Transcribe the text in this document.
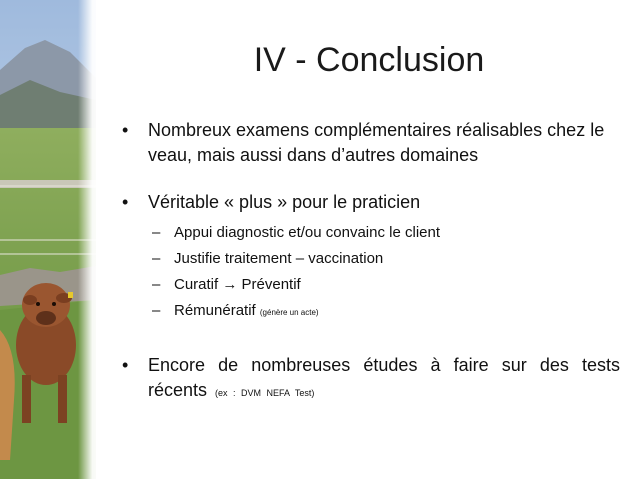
IV - Conclusion
• Nombreux examens complémentaires réalisables chez le veau, mais aussi dans d’autres domaines
• Véritable « plus » pour le praticien
– Appui diagnostic et/ou convainc le client
– Justifie traitement – vaccination
– Curatif → Préventif
– Rémunératif (génère un acte)
• Encore de nombreuses études à faire sur des tests récents (ex : DVM NEFA Test)
